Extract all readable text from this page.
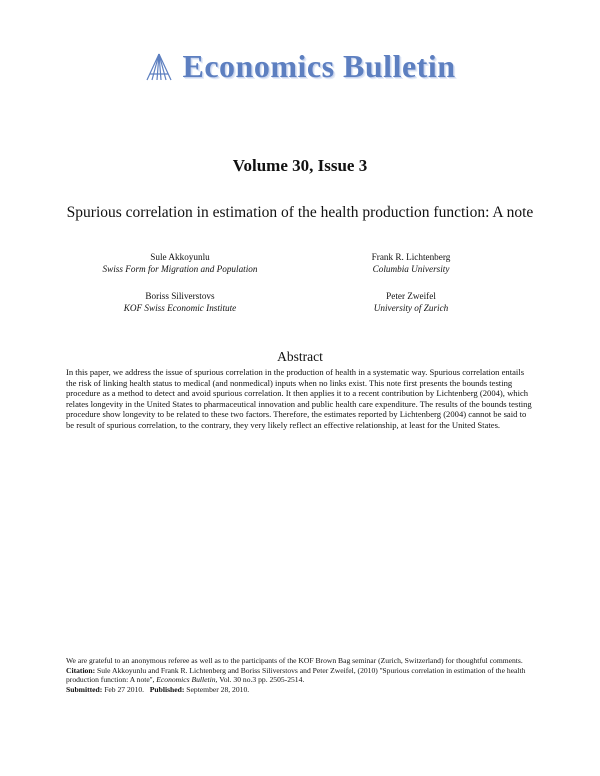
Economics Bulletin
Volume 30, Issue 3
Spurious correlation in estimation of the health production function: A note
Sule Akkoyunlu
Swiss Form for Migration and Population
Frank R. Lichtenberg
Columbia University
Boriss Siliverstovs
KOF Swiss Economic Institute
Peter Zweifel
University of Zurich
Abstract
In this paper, we address the issue of spurious correlation in the production of health in a systematic way. Spurious correlation entails the risk of linking health status to medical (and nonmedical) inputs when no links exist. This note first presents the bounds testing procedure as a method to detect and avoid spurious correlation. It then applies it to a recent contribution by Lichtenberg (2004), which relates longevity in the United States to pharmaceutical innovation and public health care expenditure. The results of the bounds testing procedure show longevity to be related to these two factors. Therefore, the estimates reported by Lichtenberg (2004) cannot be said to be result of spurious correlation, to the contrary, they very likely reflect an effective relationship, at least for the United States.

We are grateful to an anonymous referee as well as to the participants of the KOF Brown Bag seminar (Zurich, Switzerland) for thoughtful comments.

Citation: Sule Akkoyunlu and Frank R. Lichtenberg and Boriss Siliverstovs and Peter Zweifel, (2010) ''Spurious correlation in estimation of the health production function: A note'', Economics Bulletin, Vol. 30 no.3 pp. 2505-2514.

Submitted: Feb 27 2010. Published: September 28, 2010.
